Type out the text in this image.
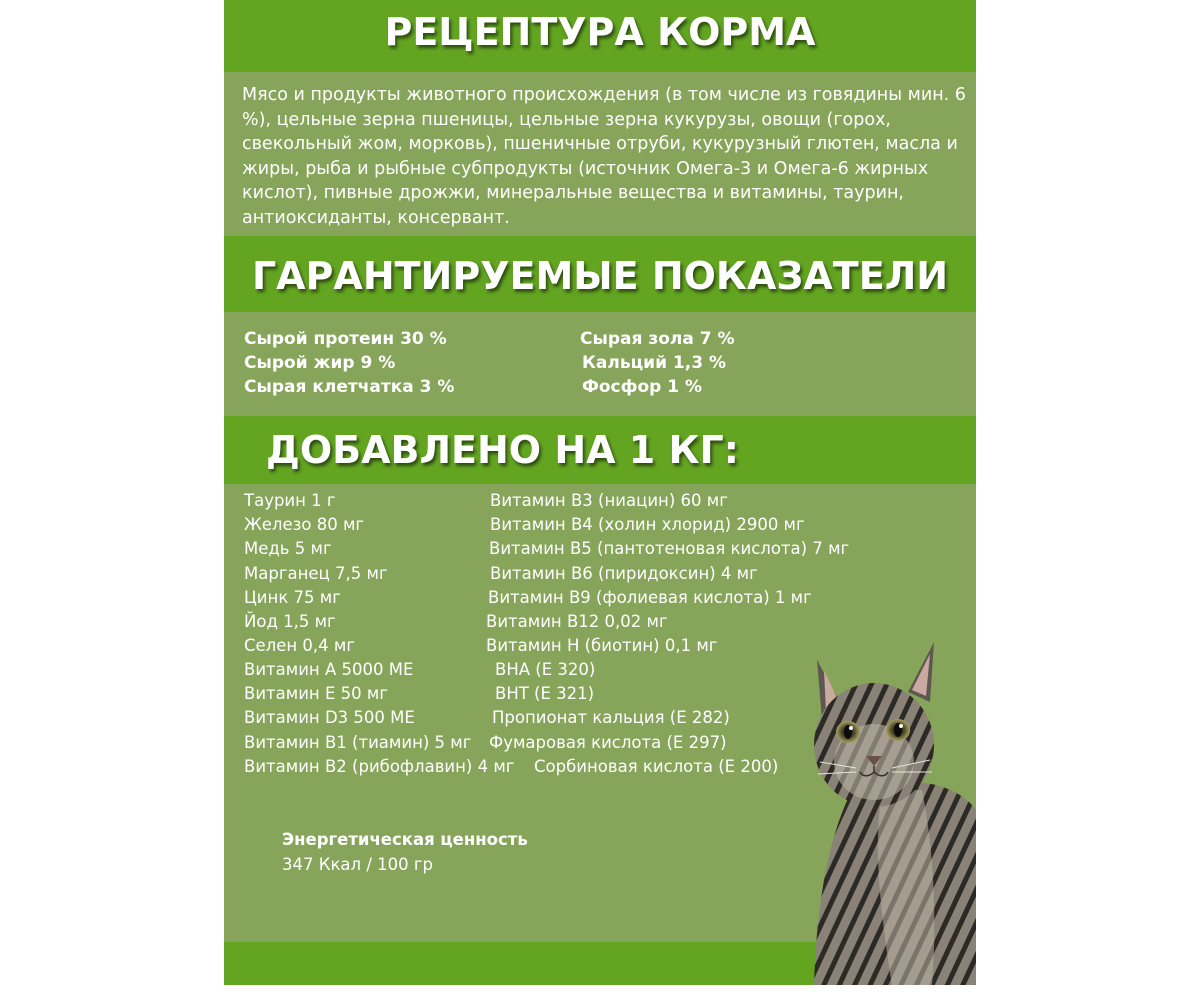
РЕЦЕПТУРА КОРМА

Мясо и продукты животного происхождения (в том числе из говядины мин. 6 %), цельные зерна пшеницы, цельные зерна кукурузы, овощи (горох, свекольный жом, морковь), пшеничные отруби, кукурузный глютен, масла и жиры, рыба и рыбные субпродукты (источник Омега-3 и Омега-6 жирных кислот), пивные дрожжи, минеральные вещества и витамины, таурин, антиоксиданты, консервант.

ГАРАНТИРУЕМЫЕ ПОКАЗАТЕЛИ
Сырой протеин 30 %
Сырой жир 9 %
Сырая клетчатка 3 %
Сырая зола 7 %
Кальций 1,3 %
Фосфор 1 %
ДОБАВЛЕНО НА 1 КГ:
Таурин 1 г
Железо 80 мг
Медь 5 мг
Марганец 7,5 мг
Цинк 75 мг
Йод 1,5 мг
Селен 0,4 мг
Витамин А 5000 МЕ
Витамин Е 50 мг
Витамин D3 500 МЕ
Витамин В1 (тиамин) 5 мг
Витамин В2 (рибофлавин) 4 мг
Витамин В3 (ниацин) 60 мг
Витамин В4 (холин хлорид) 2900 мг
Витамин В5 (пантотеновая кислота) 7 мг
Витамин В6 (пиридоксин) 4 мг
Витамин В9 (фолиевая кислота) 1 мг
Витамин В12 0,02 мг
Витамин Н (биотин) 0,1 мг
ВНА (Е 320)
ВНТ (Е 321)
Пропионат кальция (Е 282)
Фумаровая кислота (Е 297)
Сорбиновая кислота (Е 200)
Энергетическая ценность
347 Ккал / 100 гр
